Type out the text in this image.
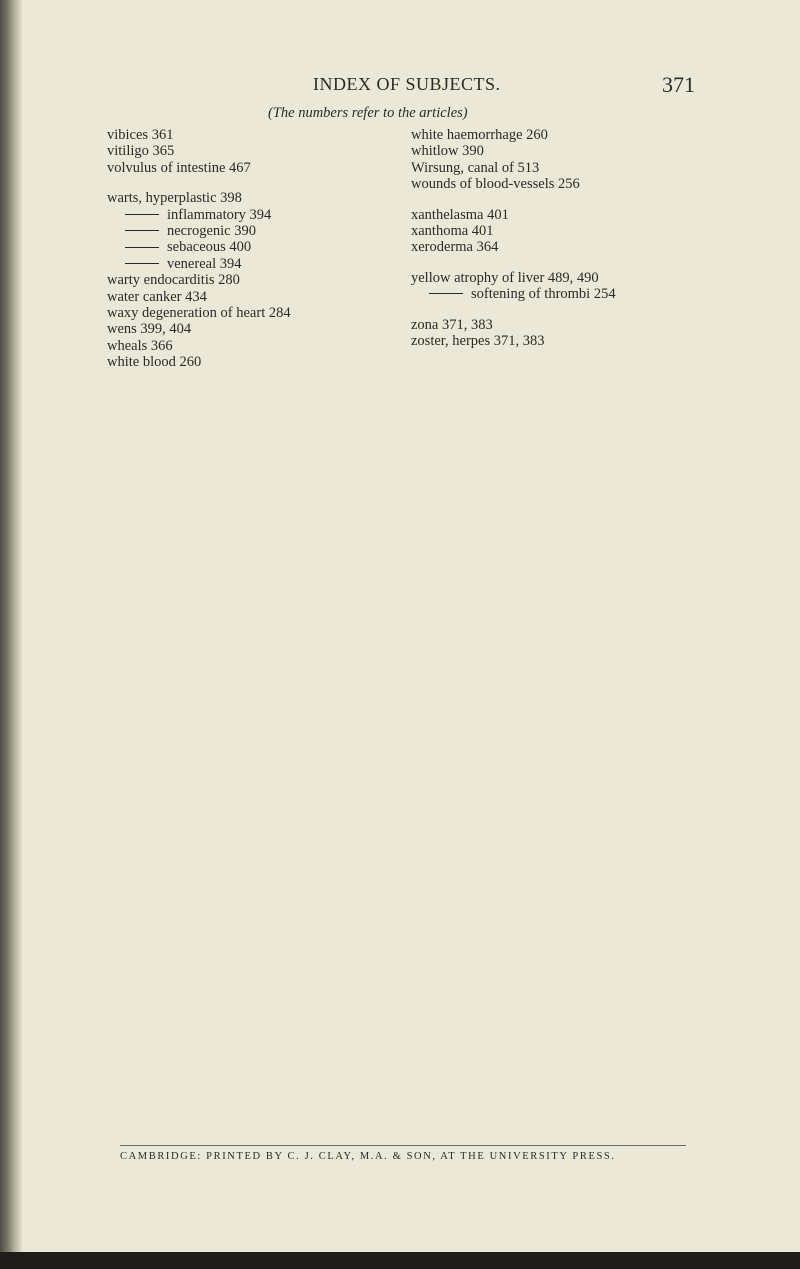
INDEX OF SUBJECTS.	371
(The numbers refer to the articles)
vibices 361
vitiligo 365
volvulus of intestine 467
warts, hyperplastic 398
inflammatory 394
necrogenic 390
sebaceous 400
venereal 394
warty endocarditis 280
water canker 434
waxy degeneration of heart 284
wens 399, 404
wheals 366
white blood 260
white haemorrhage 260
whitlow 390
Wirsung, canal of 513
wounds of blood-vessels 256
xanthelasma 401
xanthoma 401
xeroderma 364
yellow atrophy of liver 489, 490
softening of thrombi 254
zona 371, 383
zoster, herpes 371, 383
CAMBRIDGE: PRINTED BY C. J. CLAY, M.A. & SON, AT THE UNIVERSITY PRESS.
